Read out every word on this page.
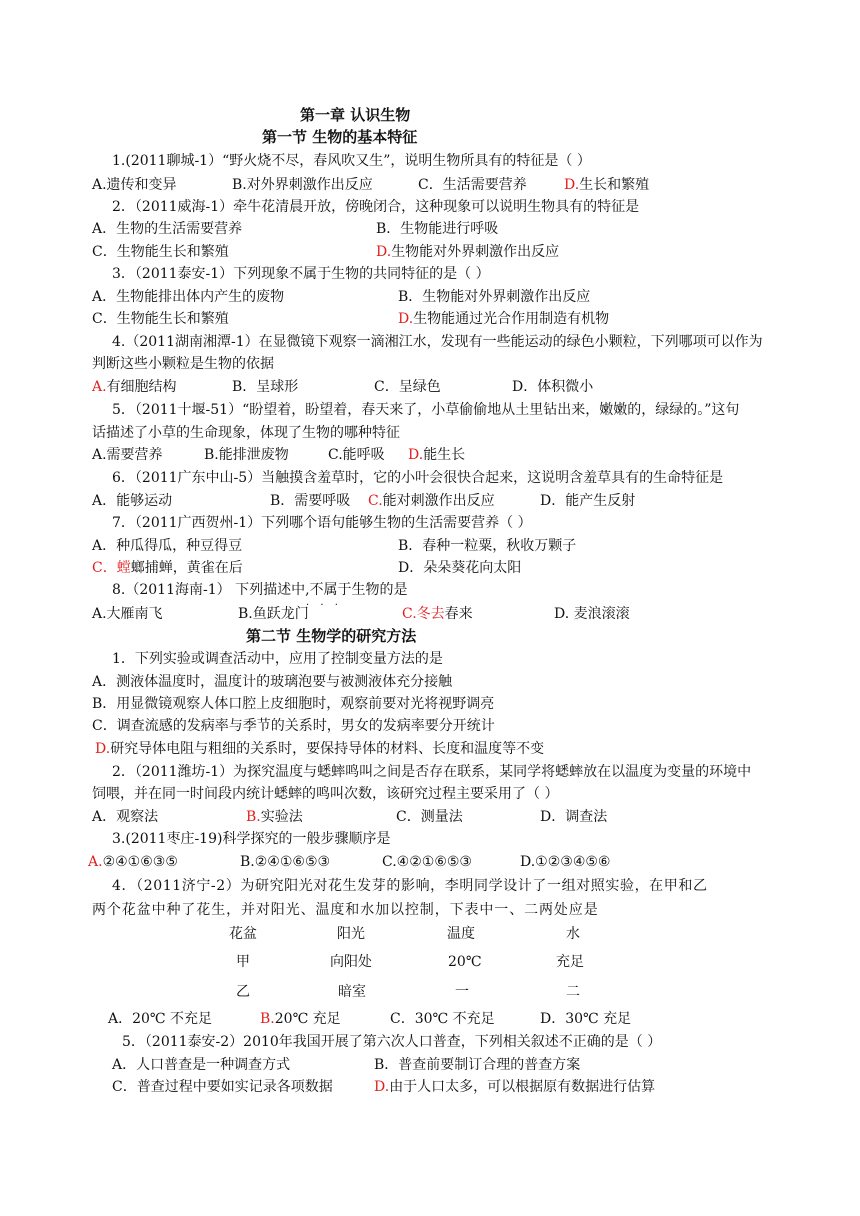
第一章 认识生物
第一节 生物的基本特征
1.(2011聊城-1）“野火烧不尽，春风吹又生”，说明生物所具有的特征是（ ）
A.遗传和变异	B.对外界刺激作出反应	C．生活需要营养	D.生长和繁殖
2．（2011威海-1）牵牛花清晨开放，傍晚闭合，这种现象可以说明生物具有的特征是
A．生物的生活需要营养	B．生物能进行呼吸
C．生物能生长和繁殖	D.生物能对外界刺激作出反应
3．（2011泰安-1）下列现象不属于生物的共同特征的是（ ）
A．生物能排出体内产生的废物	B．生物能对外界刺激作出反应
C．生物能生长和繁殖	D.生物能通过光合作用制造有机物
4.（2011湖南湘潭-1）在显微镜下观察一滴湘江水，发现有一些能运动的绿色小颗粒，下列哪项可以作为
判断这些小颗粒是生物的依据
A.有细胞结构	B．呈球形	C．呈绿色	D．体积微小
5．（2011十堰-51）“盼望着，盼望着，春天来了，小草偷偷地从土里钻出来，嫩嫩的，绿绿的。”这句
话描述了小草的生命现象，体现了生物的哪种特征
A.需要营养	B.能排泄废物	C.能呼吸 D.能生长
6．（2011广东中山-5）当触摸含羞草时，它的小叶会很快合起来，这说明含羞草具有的生命特征是
A．能够运动	B．需要呼吸 C.能对刺激作出反应	D．能产生反射
7．（2011广西贺州-1）下列哪个语句能够生物的生活需要营养（ ）
A．种瓜得瓜，种豆得豆	B．春种一粒粟，秋收万颗子
C．螳螂捕蝉，黄雀在后	D．朵朵葵花向太阳
8.（2011海南-1） 下列描述中,不属于生物的是
· · ·
A.大雁南飞	B.鱼跃龙门	C.冬去春来	D. 麦浪滚滚
第二节 生物学的研究方法
1．下列实验或调查活动中，应用了控制变量方法的是
A．测液体温度时，温度计的玻璃泡要与被测液体充分接触
B．用显微镜观察人体口腔上皮细胞时，观察前要对光将视野调亮
C．调查流感的发病率与季节的关系时，男女的发病率要分开统计
D.研究导体电阻与粗细的关系时，要保持导体的材料、长度和温度等不变
2．（2011潍坊-1）为探究温度与蟋蟀鸣叫之间是否存在联系，某同学将蟋蟀放在以温度为变量的环境中
饲喂，并在同一时间段内统计蟋蟀的鸣叫次数，该研究过程主要采用了（ ）
A．观察法	B.实验法	C．测量法	D．调查法
3.(2011枣庄-19)科学探究的一般步骤顺序是
A.②④①⑥③⑤	B.②④①⑥⑤③	C.④②①⑥⑤③	D.①②③④⑤⑥
4．（2011济宁-2）为研究阳光对花生发芽的影响，李明同学设计了一组对照实验，在甲和乙
两个花盆中种了花生，并对阳光、温度和水加以控制，下表中一、二两处应是
花盆	阳光	温度	水
甲	向阳处	20℃	充足
乙	暗室	一	二
A．20℃ 不充足	B.20℃ 充足	C．30℃ 不充足	D．30℃ 充足
5．（2011泰安-2）2010年我国开展了第六次人口普查，下列相关叙述不正确的是（ ）
A．人口普查是一种调查方式	B．普查前要制订合理的普查方案
C．普查过程中要如实记录各项数据	D.由于人口太多，可以根据原有数据进行估算
